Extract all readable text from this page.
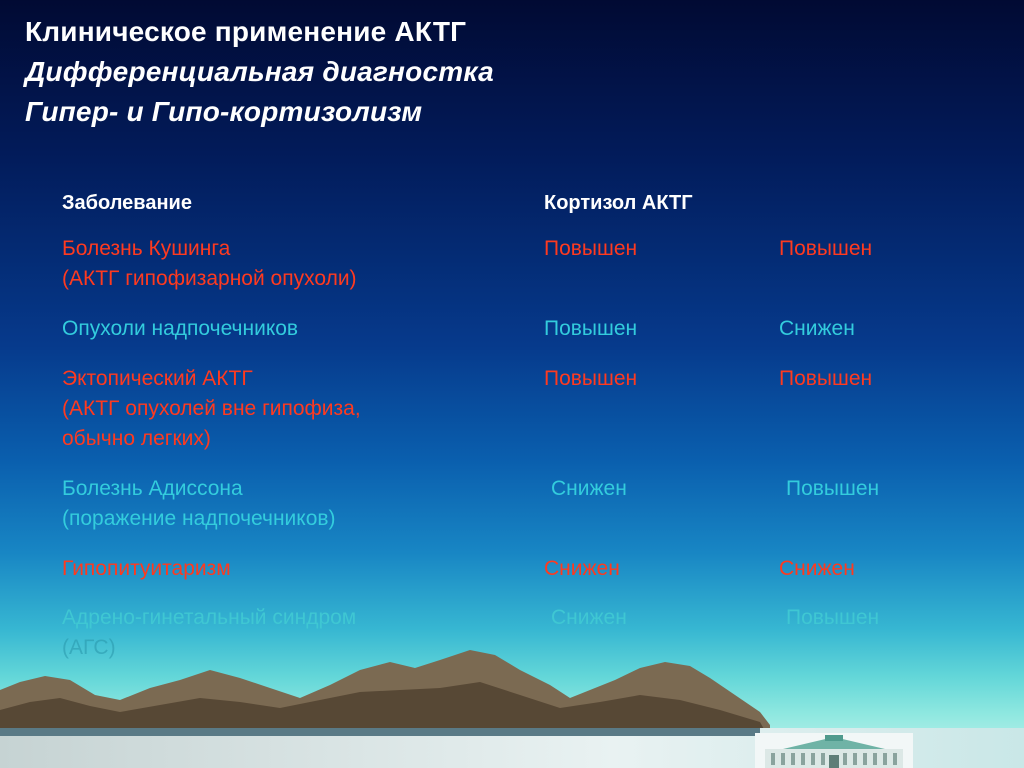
Клиническое применение АКТГ
Дифференциальная диагностка
Гипер- и Гипо-кортизолизм
Заболевание	Кортизол АКТГ
Болезнь Кушинга
(АКТГ гипофизарной опухоли)
Повышен	Повышен
Опухоли надпочечников	Повышен	Снижен
Эктопический АКТГ
(АКТГ опухолей вне гипофиза,
обычно легких)
Повышен	Повышен
Болезнь Адиссона
(поражение надпочечников)
Снижен	Повышен
Гипопитуитаризм	Снижен	Снижен
Адрено-гинетальный синдром
(АГС)
Снижен	Повышен
